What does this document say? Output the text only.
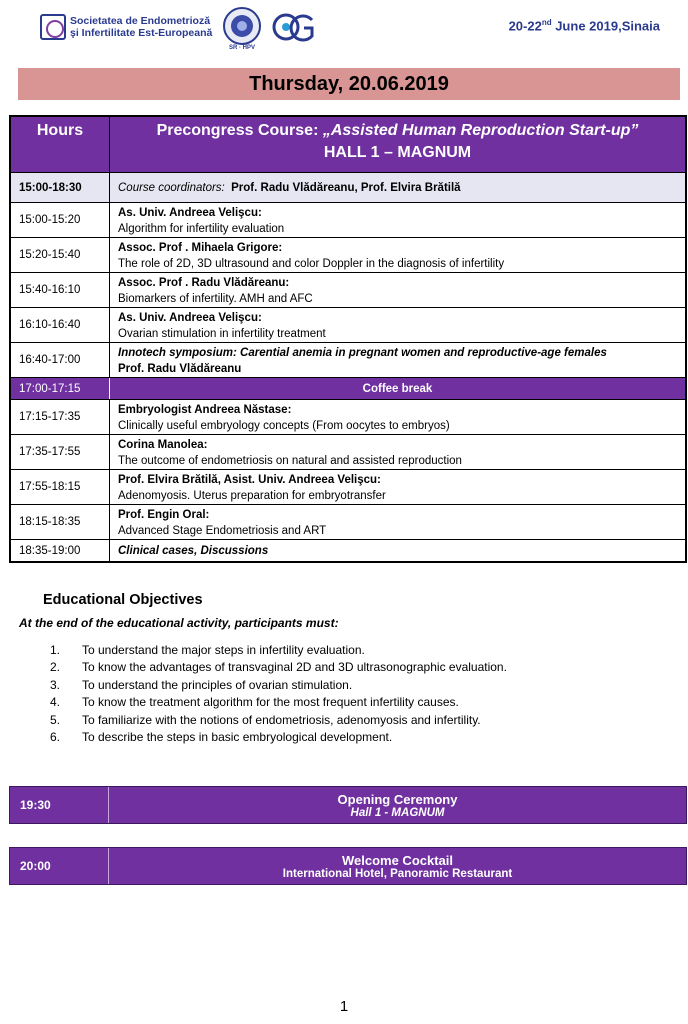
Societatea de Endometrioză
şi Infertilitate Est-Europeană
SR · HPV
20-22nd June 2019,Sinaia
Thursday, 20.06.2019
Hours	Precongress Course: „Assisted Human Reproduction Start-up”
HALL 1 – MAGNUM
15:00-18:30	Course coordinators:
Prof. Radu Vlădăreanu, Prof. Elvira Brătilă
15:00-15:20
As. Univ. Andreea Velişcu:
Algorithm for infertility evaluation
15:20-15:40
Assoc. Prof . Mihaela Grigore:
The role of 2D, 3D ultrasound and color Doppler in the diagnosis of infertility
15:40-16:10
Assoc. Prof . Radu Vlădăreanu:
Biomarkers of infertility. AMH and AFC
16:10-16:40
As. Univ. Andreea Velişcu:
Ovarian stimulation in infertility treatment
16:40-17:00
Innotech symposium: Carential anemia in pregnant women and reproductive-age females
Prof. Radu Vlădăreanu
17:00-17:15	Coffee break
17:15-17:35
Embryologist Andreea Năstase:
Clinically useful embryology concepts (From oocytes to embryos)
17:35-17:55
Corina Manolea:
The outcome of endometriosis on natural and assisted reproduction
17:55-18:15
Prof. Elvira Brătilă, Asist. Univ. Andreea Velişcu:
Adenomyosis. Uterus preparation for embryotransfer
18:15-18:35
Prof. Engin Oral:
Advanced Stage Endometriosis and ART
18:35-19:00	Clinical cases, Discussions
Educational Objectives
At the end of the educational activity, participants must:
1.	To understand the major steps in infertility evaluation.
2.	To know the advantages of transvaginal 2D and 3D ultrasonographic evaluation.
3.	To understand the principles of ovarian stimulation.
4.	To know the treatment algorithm for the most frequent infertility causes.
5.	To familiarize with the notions of endometriosis, adenomyosis and infertility.
6.	To describe the steps in basic embryological development.
19:30	Opening Ceremony
Hall 1 - MAGNUM
20:00	Welcome Cocktail
International Hotel, Panoramic Restaurant
1
